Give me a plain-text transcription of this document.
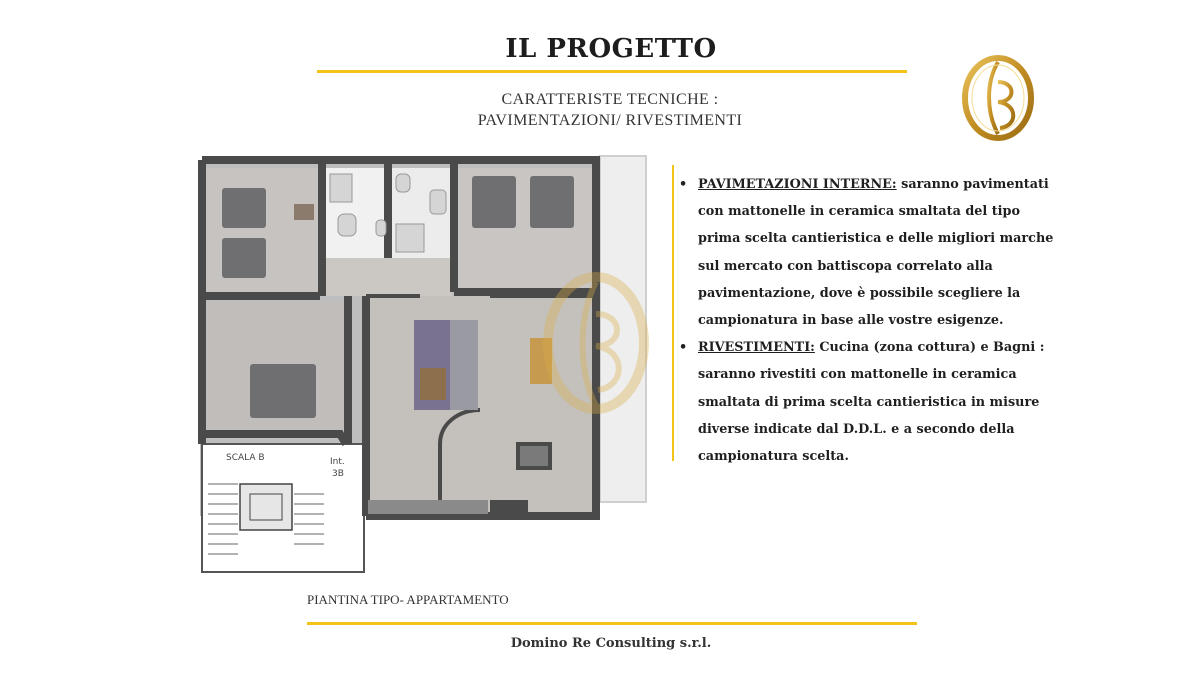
IL PROGETTO
CARATTERISTE TECNICHE :
PAVIMENTAZIONI/ RIVESTIMENTI
SCALA B	Int.
3B
PIANTINA TIPO- APPARTAMENTO
• PAVIMETAZIONI INTERNE: saranno pavimentati con mattonelle in ceramica smaltata del tipo prima scelta cantieristica e delle migliori marche sul mercato con battiscopa correlato alla pavimentazione, dove è possibile scegliere la campionatura in base alle vostre esigenze.
• RIVESTIMENTI: Cucina (zona cottura) e Bagni : saranno rivestiti con mattonelle in ceramica smaltata di prima scelta cantieristica in misure diverse indicate dal D.D.L. e a secondo della campionatura scelta.
Domino Re Consulting s.r.l.
